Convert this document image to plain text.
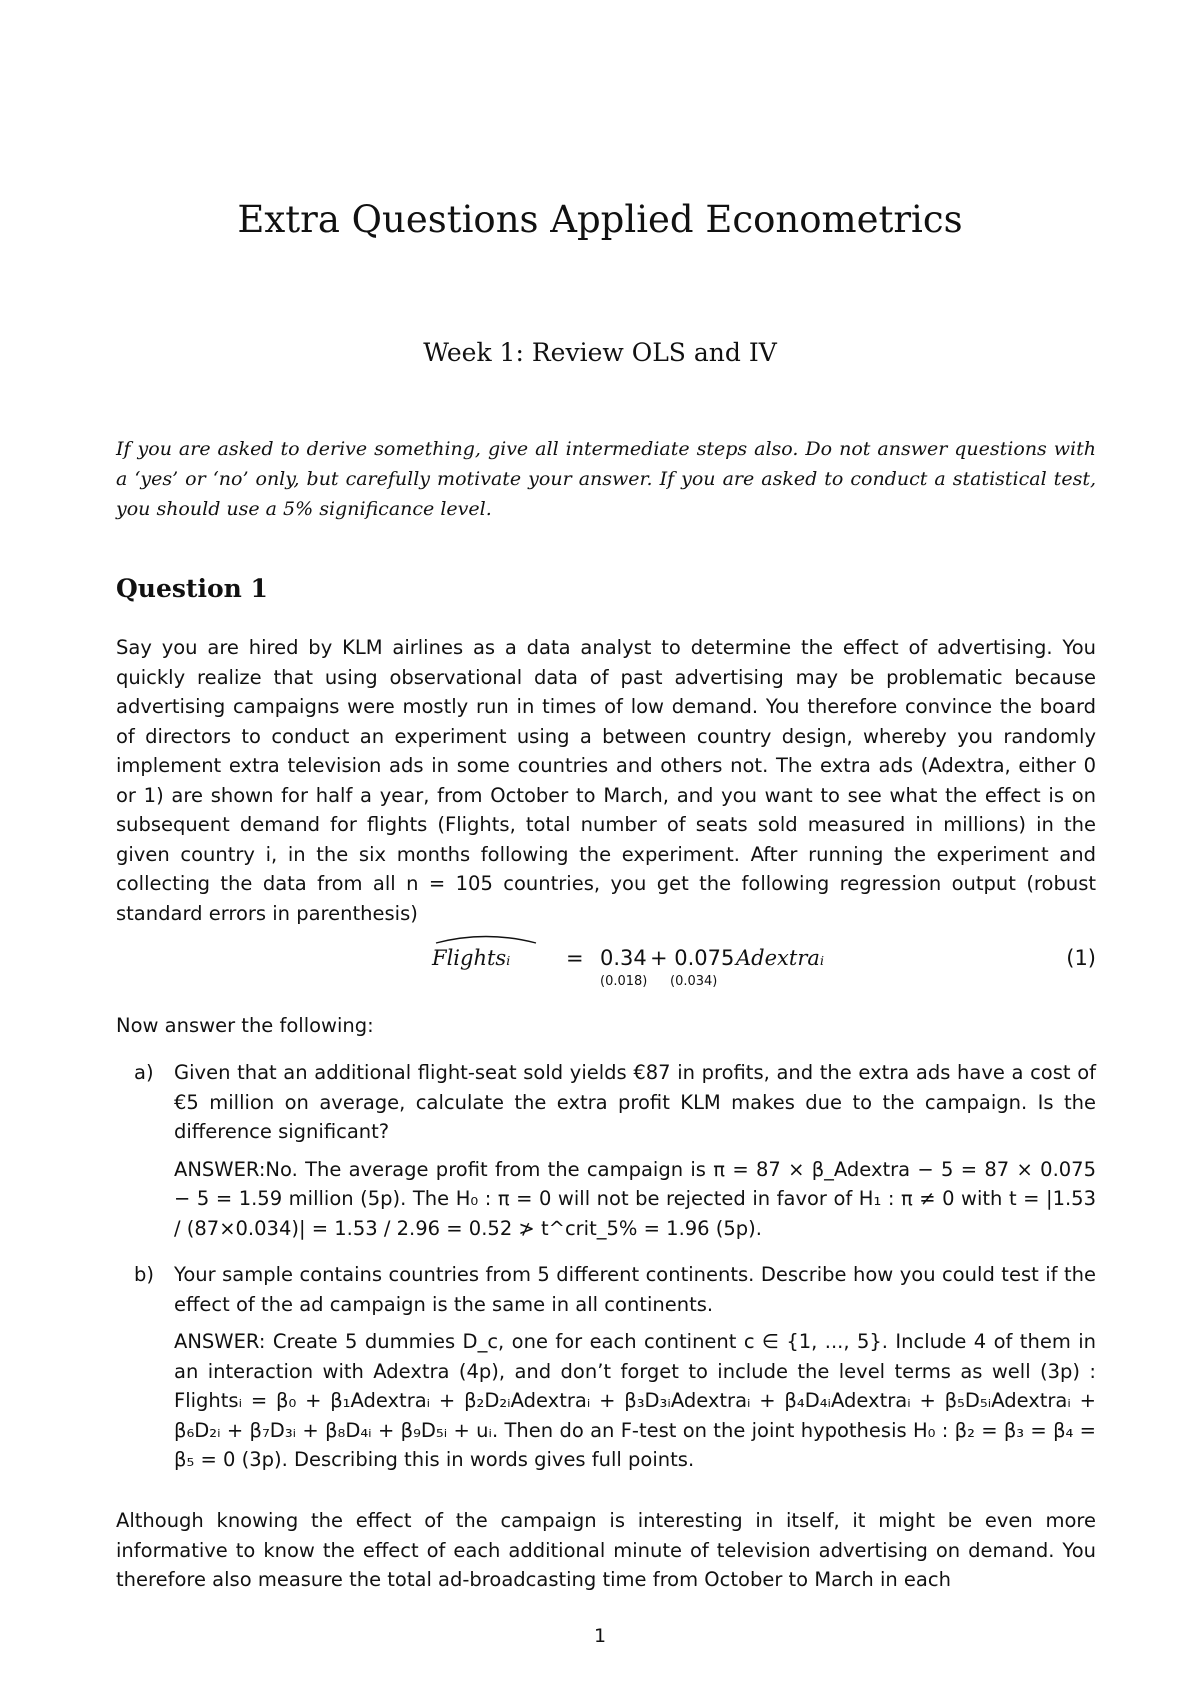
Extra Questions Applied Econometrics
Week 1: Review OLS and IV
If you are asked to derive something, give all intermediate steps also. Do not answer questions with a ‘yes’ or ‘no’ only, but carefully motivate your answer. If you are asked to conduct a statistical test, you should use a 5% significance level.
Question 1
Say you are hired by KLM airlines as a data analyst to determine the effect of advertising. You quickly realize that using observational data of past advertising may be problematic because advertising campaigns were mostly run in times of low demand. You therefore convince the board of directors to conduct an experiment using a between country design, whereby you randomly implement extra television ads in some countries and others not. The extra ads (Adextra, either 0 or 1) are shown for half a year, from October to March, and you want to see what the effect is on subsequent demand for flights (Flights, total number of seats sold measured in millions) in the given country i, in the six months following the experiment. After running the experiment and collecting the data from all n = 105 countries, you get the following regression output (robust standard errors in parenthesis)
Flightsᵢ	= 0.34
(0.018)
+ 0.075
(0.034)
Adextraᵢ	(1)
Now answer the following:
a) Given that an additional flight-seat sold yields €87 in profits, and the extra ads have a cost of €5 million on average, calculate the extra profit KLM makes due to the campaign. Is the difference significant?
ANSWER:No. The average profit from the campaign is π = 87 × β_Adextra − 5 = 87 × 0.075 − 5 = 1.59 million (5p). The H₀ : π = 0 will not be rejected in favor of H₁ : π ≠ 0 with t = |1.53 / (87×0.034)| = 1.53 / 2.96 = 0.52 ≯ t^crit_5% = 1.96 (5p).
b) Your sample contains countries from 5 different continents. Describe how you could test if the effect of the ad campaign is the same in all continents.
ANSWER: Create 5 dummies D_c, one for each continent c ∈ {1, ..., 5}. Include 4 of them in an interaction with Adextra (4p), and don’t forget to include the level terms as well (3p) : Flightsᵢ = β₀ + β₁Adextraᵢ + β₂D₂ᵢAdextraᵢ + β₃D₃ᵢAdextraᵢ + β₄D₄ᵢAdextraᵢ + β₅D₅ᵢAdextraᵢ + β₆D₂ᵢ + β₇D₃ᵢ + β₈D₄ᵢ + β₉D₅ᵢ + uᵢ. Then do an F-test on the joint hypothesis H₀ : β₂ = β₃ = β₄ = β₅ = 0 (3p). Describing this in words gives full points.
Although knowing the effect of the campaign is interesting in itself, it might be even more informative to know the effect of each additional minute of television advertising on demand. You therefore also measure the total ad-broadcasting time from October to March in each
1
